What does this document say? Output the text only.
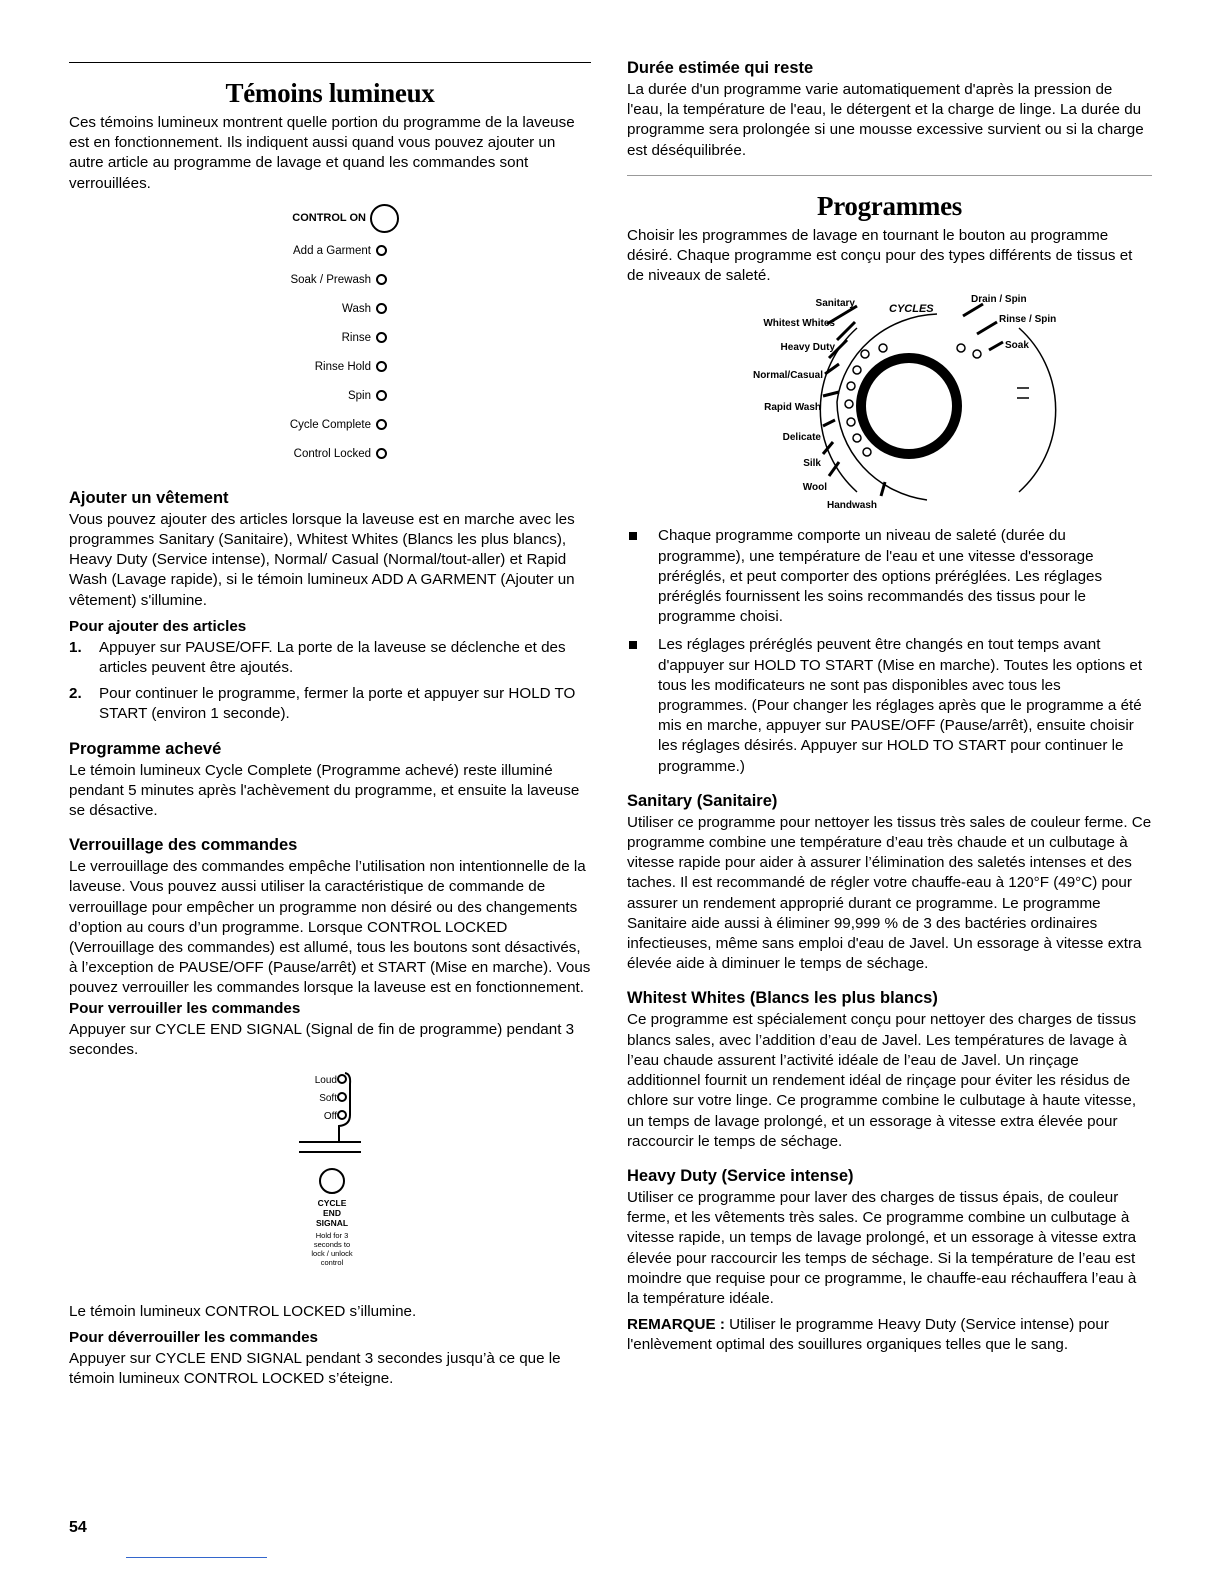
Témoins lumineux

Ces témoins lumineux montrent quelle portion du programme de la laveuse est en fonctionnement. Ils indiquent aussi quand vous pouvez ajouter un autre article au programme de lavage et quand les commandes sont verrouillées.

CONTROL ON
Add a Garment
Soak / Prewash
Wash
Rinse
Rinse Hold
Spin
Cycle Complete
Control Locked
Ajouter un vêtement

Vous pouvez ajouter des articles lorsque la laveuse est en marche avec les programmes Sanitary (Sanitaire), Whitest Whites (Blancs les plus blancs), Heavy Duty (Service intense), Normal/ Casual (Normal/tout-aller) et Rapid Wash (Lavage rapide), si le témoin lumineux ADD A GARMENT (Ajouter un vêtement) s'illumine.

Pour ajouter des articles
1. Appuyer sur PAUSE/OFF. La porte de la laveuse se déclenche et des articles peuvent être ajoutés.
2. Pour continuer le programme, fermer la porte et appuyer sur HOLD TO START (environ 1 seconde).
Programme achevé

Le témoin lumineux Cycle Complete (Programme achevé) reste illuminé pendant 5 minutes après l'achèvement du programme, et ensuite la laveuse se désactive.

Verrouillage des commandes

Le verrouillage des commandes empêche l’utilisation non intentionnelle de la laveuse. Vous pouvez aussi utiliser la caractéristique de commande de verrouillage pour empêcher un programme non désiré ou des changements d’option au cours d’un programme. Lorsque CONTROL LOCKED (Verrouillage des commandes) est allumé, tous les boutons sont désactivés, à l’exception de PAUSE/OFF (Pause/arrêt) et START (Mise en marche). Vous pouvez verrouiller les commandes lorsque la laveuse est en fonctionnement.

Pour verrouiller les commandes

Appuyer sur CYCLE END SIGNAL (Signal de fin de programme) pendant 3 secondes.

Loud
Soft
Off
CYCLE
END
SIGNAL
Hold for 3
seconds to
lock / unlock
control

Le témoin lumineux CONTROL LOCKED s’illumine.

Pour déverrouiller les commandes

Appuyer sur CYCLE END SIGNAL pendant 3 secondes jusqu’à ce que le témoin lumineux CONTROL LOCKED s’éteigne.

54
Durée estimée qui reste

La durée d'un programme varie automatiquement d'après la pression de l'eau, la température de l'eau, le détergent et la charge de linge. La durée du programme sera prolongée si une mousse excessive survient ou si la charge est déséquilibrée.

Programmes

Choisir les programmes de lavage en tournant le bouton au programme désiré. Chaque programme est conçu pour des types différents de tissus et de niveaux de saleté.

Sanitary
Whitest Whites
Heavy Duty
Normal/Casual
Rapid Wash
Delicate
Silk
Wool
Handwash
CYCLES
Drain / Spin
Rinse / Spin
Soak
Chaque programme comporte un niveau de saleté (durée du programme), une température de l'eau et une vitesse d'essorage préréglés, et peut comporter des options préréglées. Les réglages préréglés fournissent les soins recommandés des tissus pour le programme choisi.
Les réglages préréglés peuvent être changés en tout temps avant d'appuyer sur HOLD TO START (Mise en marche). Toutes les options et tous les modificateurs ne sont pas disponibles avec tous les programmes. (Pour changer les réglages après que le programme a été mis en marche, appuyer sur PAUSE/OFF (Pause/arrêt), ensuite choisir les réglages désirés. Appuyer sur HOLD TO START pour continuer le programme.)
Sanitary (Sanitaire)

Utiliser ce programme pour nettoyer les tissus très sales de couleur ferme. Ce programme combine une température d’eau très chaude et un culbutage à vitesse rapide pour aider à assurer l’élimination des saletés intenses et des taches. Il est recommandé de régler votre chauffe-eau à 120°F (49°C) pour assurer un rendement approprié durant ce programme. Le programme Sanitaire aide aussi à éliminer 99,999 % de 3 des bactéries ordinaires infectieuses, même sans emploi d'eau de Javel. Un essorage à vitesse extra élevée aide à diminuer le temps de séchage.

Whitest Whites (Blancs les plus blancs)

Ce programme est spécialement conçu pour nettoyer des charges de tissus blancs sales, avec l’addition d’eau de Javel. Les températures de lavage à l’eau chaude assurent l’activité idéale de l’eau de Javel. Un rinçage additionnel fournit un rendement idéal de rinçage pour éviter les résidus de chlore sur votre linge. Ce programme combine le culbutage à haute vitesse, un temps de lavage prolongé, et un essorage à vitesse extra élevée pour raccourcir le temps de séchage.

Heavy Duty (Service intense)

Utiliser ce programme pour laver des charges de tissus épais, de couleur ferme, et les vêtements très sales. Ce programme combine un culbutage à vitesse rapide, un temps de lavage prolongé, et un essorage à vitesse extra élevée pour raccourcir les temps de séchage. Si la température de l’eau est moindre que requise pour ce programme, le chauffe-eau réchauffera l’eau à la température idéale.

REMARQUE : Utiliser le programme Heavy Duty (Service intense) pour l'enlèvement optimal des souillures organiques telles que le sang.
